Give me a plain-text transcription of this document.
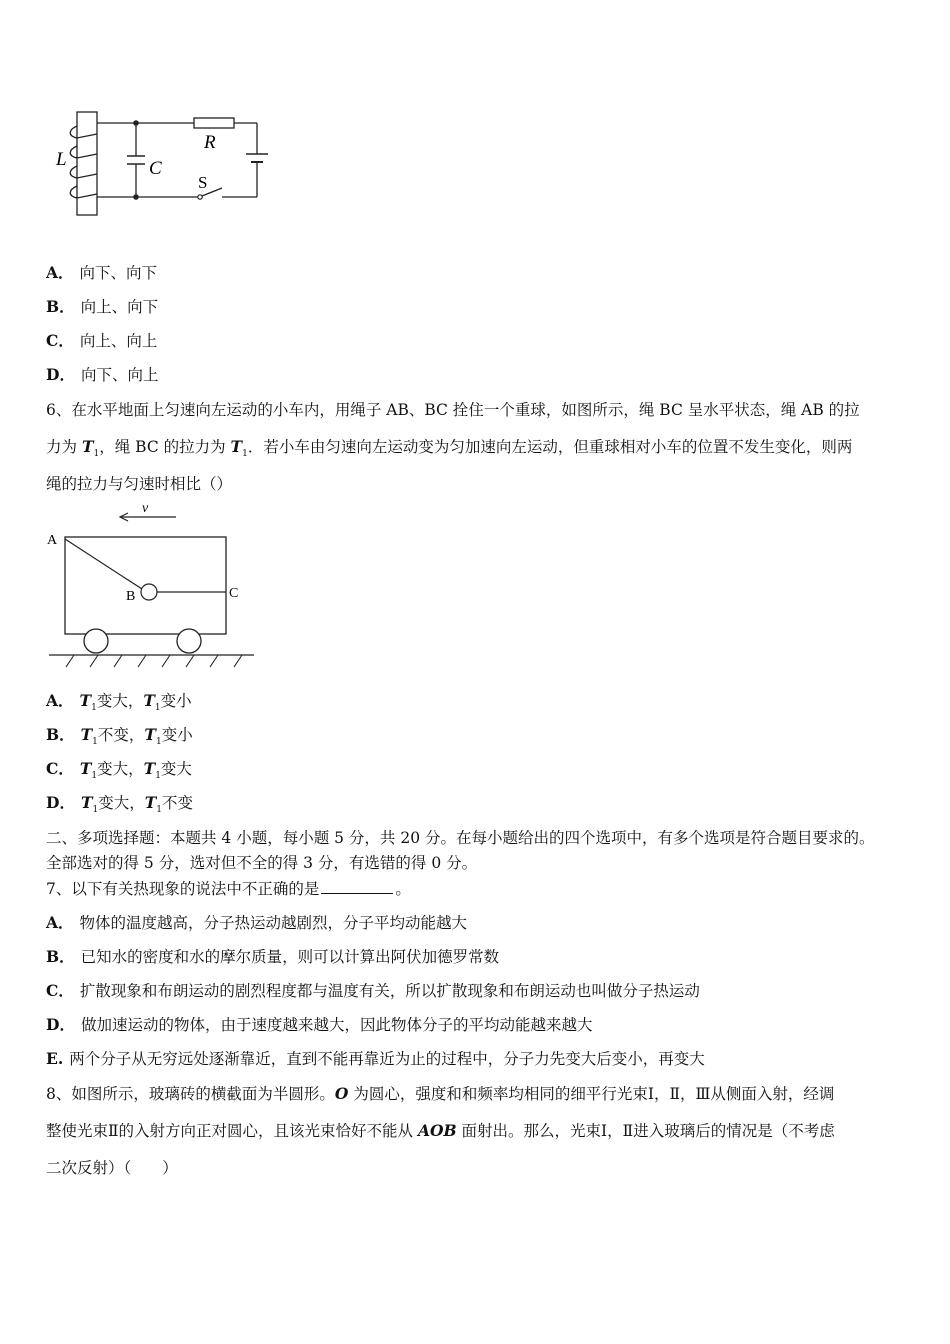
L	C
R
S
A． 向下、向下
B． 向上、向下
C． 向上、向上
D． 向下、向上
6、在水平地面上匀速向左运动的小车内，用绳子 AB、BC 拴住一个重球，如图所示，绳 BC 呈水平状态，绳 AB 的拉
力为 $T_1$，绳 BC 的拉力为 $T_1$．若小车由匀速向左运动变为匀加速向左运动，但重球相对小车的位置不发生变化，则两
绳的拉力与匀速时相比（）
v
A
B	C
A． $T_1$变大，$T_1$变小
B． $T_1$不变，$T_1$变小
C． $T_1$变大，$T_1$变大
D． $T_1$变大，$T_1$不变
二、多项选择题：本题共 4 小题，每小题 5 分，共 20 分。在每小题给出的四个选项中，有多个选项是符合题目要求的。
全部选对的得 5 分，选对但不全的得 3 分，有选错的得 0 分。
7、以下有关热现象的说法中不正确的是	。
A． 物体的温度越高，分子热运动越剧烈，分子平均动能越大
B． 已知水的密度和水的摩尔质量，则可以计算出阿伏加德罗常数
C． 扩散现象和布朗运动的剧烈程度都与温度有关，所以扩散现象和布朗运动也叫做分子热运动
D． 做加速运动的物体，由于速度越来越大，因此物体分子的平均动能越来越大
E. 两个分子从无穷远处逐渐靠近，直到不能再靠近为止的过程中，分子力先变大后变小，再变大
8、如图所示，玻璃砖的横截面为半圆形。O 为圆心，强度和和频率均相同的细平行光束Ⅰ，Ⅱ，Ⅲ从侧面入射，经调
整使光束Ⅱ的入射方向正对圆心，且该光束恰好不能从 AOB 面射出。那么，光束Ⅰ，Ⅱ进入玻璃后的情况是（不考虑
二次反射）（　　）
